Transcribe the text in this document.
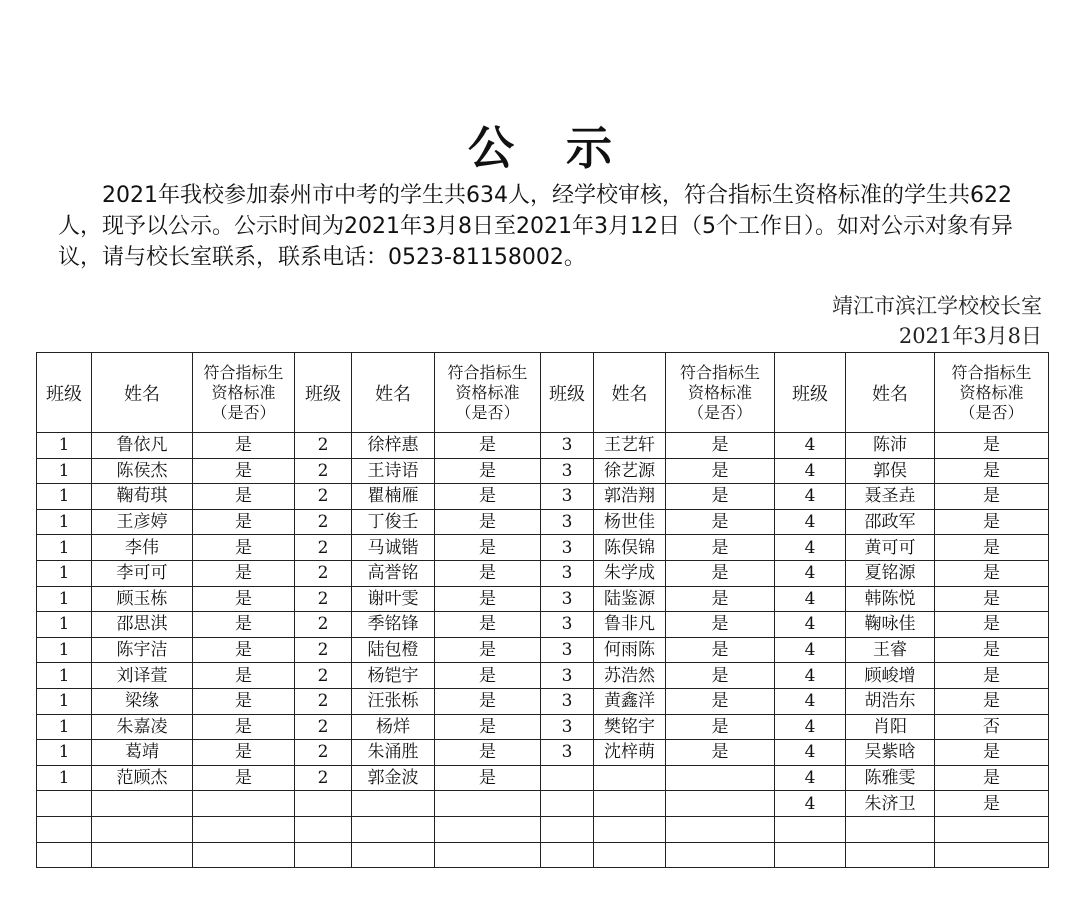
公示

2021年我校参加泰州市中考的学生共634人，经学校审核，符合指标生资格标准的学生共622人，现予以公示。公示时间为2021年3月8日至2021年3月12日（5个工作日）。如对公示对象有异议，请与校长室联系，联系电话：0523-81158002。

靖江市滨江学校校长室
2021年3月8日
班级	姓名	符合指标生
资格标准
（是否）	班级	姓名	符合指标生
资格标准
（是否）	班级	姓名	符合指标生
资格标准
（是否）	班级	姓名	符合指标生
资格标准
（是否）
1	鲁依凡	是	2	徐梓惠	是	3	王艺轩	是	4	陈沛	是
1	陈侯杰	是	2	王诗语	是	3	徐艺源	是	4	郭俣	是
1	鞠荀琪	是	2	瞿楠雁	是	3	郭浩翔	是	4	聂圣垚	是
1	王彦婷	是	2	丁俊壬	是	3	杨世佳	是	4	邵政军	是
1	李伟	是	2	马诚锴	是	3	陈俣锦	是	4	黄可可	是
1	李可可	是	2	高誉铭	是	3	朱学成	是	4	夏铭源	是
1	顾玉栋	是	2	谢叶雯	是	3	陆鉴源	是	4	韩陈悦	是
1	邵思淇	是	2	季铭锋	是	3	鲁非凡	是	4	鞠咏佳	是
1	陈宇洁	是	2	陆包橙	是	3	何雨陈	是	4	王睿	是
1	刘译萱	是	2	杨铠宇	是	3	苏浩然	是	4	顾峻增	是
1	梁缘	是	2	汪张栎	是	3	黄鑫洋	是	4	胡浩东	是
1	朱嘉凌	是	2	杨烊	是	3	樊铭宇	是	4	肖阳	否
1	葛靖	是	2	朱涌胜	是	3	沈梓萌	是	4	吴紫晗	是
1	范顾杰	是	2	郭金波	是				4	陈雅雯	是
									4	朱济卫	是
